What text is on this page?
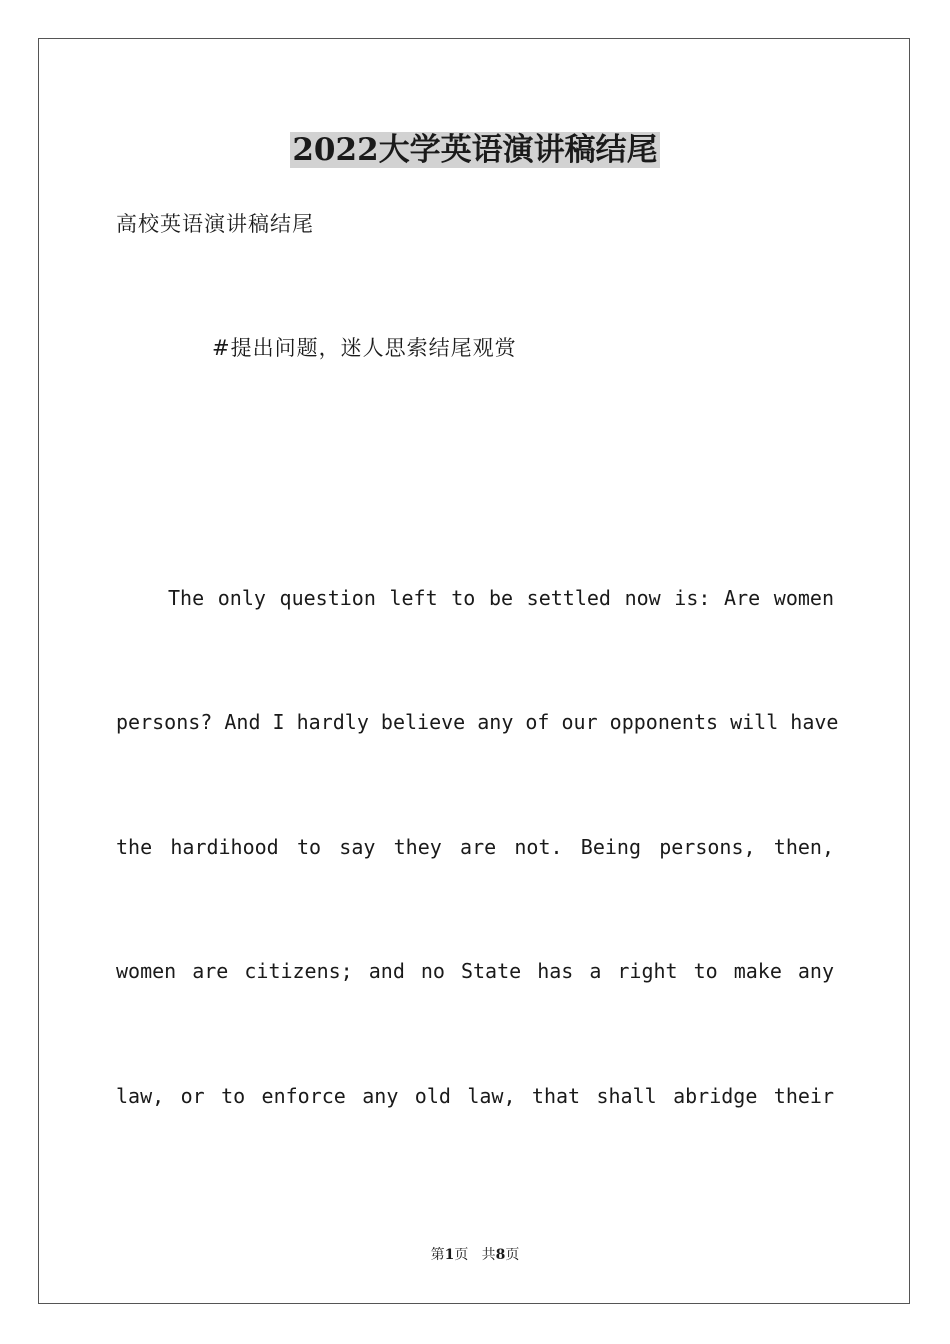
2022大学英语演讲稿结尾

高校英语演讲稿结尾

#提出问题，迷人思索结尾观赏

The only question left to be settled now is: Are women

persons? And I hardly believe any of our opponents will have

the hardihood to say they are not. Being persons, then,

women are citizens; and no State has a right to make any

law, or to enforce any old law, that shall abridge their

第1页 共8页
